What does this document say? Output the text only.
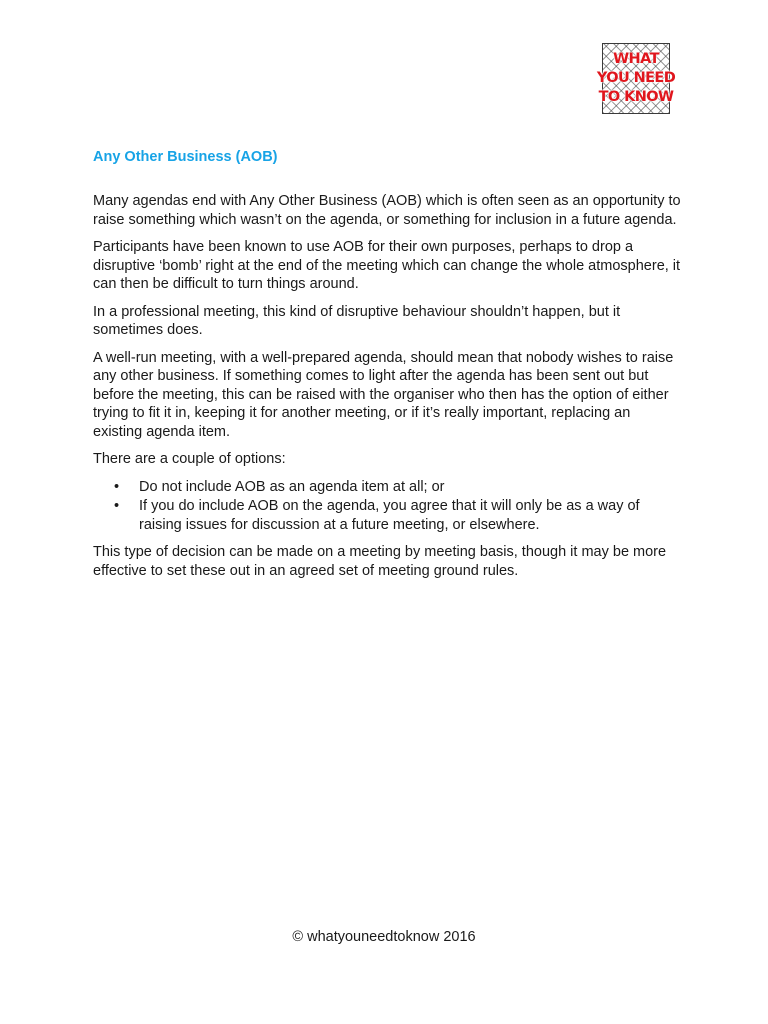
WHAT
YOU NEED
TO KNOW
Any Other Business (AOB)

Many agendas end with Any Other Business (AOB) which is often seen as an opportunity to raise something which wasn’t on the agenda, or something for inclusion in a future agenda.

Participants have been known to use AOB for their own purposes, perhaps to drop a disruptive ‘bomb’ right at the end of the meeting which can change the whole atmosphere, it can then be difficult to turn things around.

In a professional meeting, this kind of disruptive behaviour shouldn’t happen, but it sometimes does.

A well-run meeting, with a well-prepared agenda, should mean that nobody wishes to raise any other business. If something comes to light after the agenda has been sent out but before the meeting, this can be raised with the organiser who then has the option of either trying to fit it in, keeping it for another meeting, or if it’s really important, replacing an existing agenda item.

There are a couple of options:

• Do not include AOB as an agenda item at all; or
• If you do include AOB on the agenda, you agree that it will only be as a way of raising issues for discussion at a future meeting, or elsewhere.

This type of decision can be made on a meeting by meeting basis, though it may be more effective to set these out in an agreed set of meeting ground rules.

© whatyouneedtoknow 2016
